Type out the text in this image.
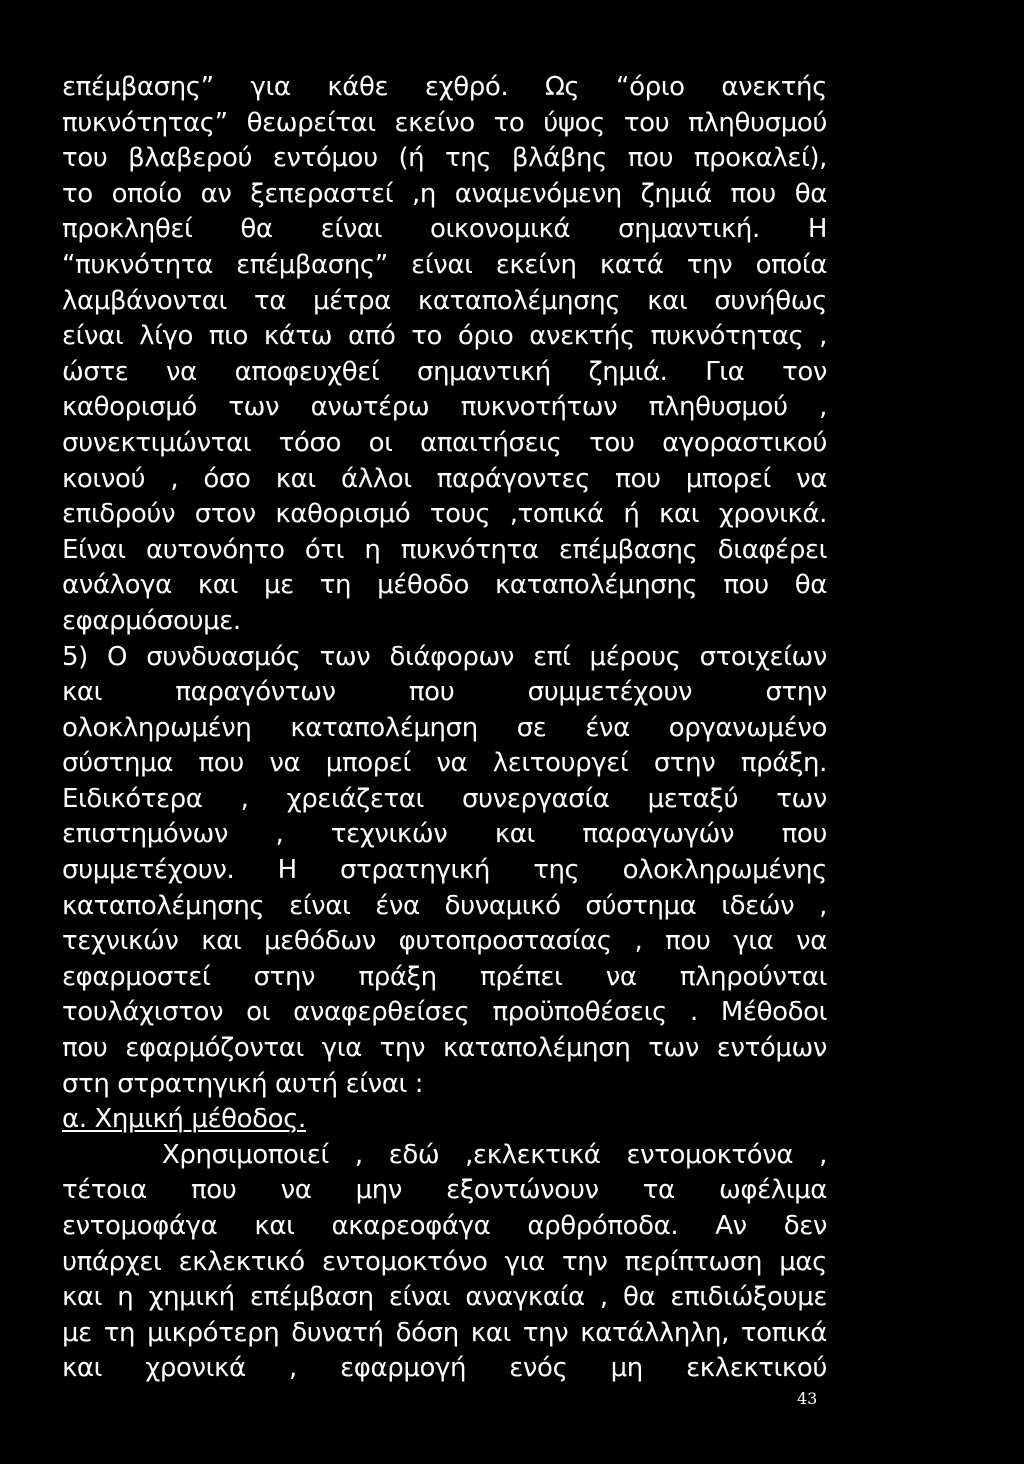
επέμβασης” για κάθε εχθρό. Ως “όριο ανεκτής
πυκνότητας” θεωρείται εκείνο το ύψος του πληθυσμού
του βλαβερού εντόμου (ή της βλάβης που προκαλεί),
το οποίο αν ξεπεραστεί ,η αναμενόμενη ζημιά που θα
προκληθεί θα είναι οικονομικά σημαντική. Η
“πυκνότητα επέμβασης” είναι εκείνη κατά την οποία
λαμβάνονται τα μέτρα καταπολέμησης και συνήθως
είναι λίγο πιο κάτω από το όριο ανεκτής πυκνότητας ,
ώστε να αποφευχθεί σημαντική ζημιά. Για τον
καθορισμό των ανωτέρω πυκνοτήτων πληθυσμού ,
συνεκτιμώνται τόσο οι απαιτήσεις του αγοραστικού
κοινού , όσο και άλλοι παράγοντες που μπορεί να
επιδρούν στον καθορισμό τους ,τοπικά ή και χρονικά.
Είναι αυτονόητο ότι η πυκνότητα επέμβασης διαφέρει
ανάλογα και με τη μέθοδο καταπολέμησης που θα
εφαρμόσουμε.
5) Ο συνδυασμός των διάφορων επί μέρους στοιχείων
και παραγόντων που συμμετέχουν στην
ολοκληρωμένη καταπολέμηση σε ένα οργανωμένο
σύστημα που να μπορεί να λειτουργεί στην πράξη.
Ειδικότερα , χρειάζεται συνεργασία μεταξύ των
επιστημόνων , τεχνικών και παραγωγών που
συμμετέχουν. Η στρατηγική της ολοκληρωμένης
καταπολέμησης είναι ένα δυναμικό σύστημα ιδεών ,
τεχνικών και μεθόδων φυτοπροστασίας , που για να
εφαρμοστεί στην πράξη πρέπει να πληρούνται
τουλάχιστον οι αναφερθείσες προϋποθέσεις . Μέθοδοι
που εφαρμόζονται για την καταπολέμηση των εντόμων
στη στρατηγική αυτή είναι :
α. Χημική μέθοδος.
Χρησιμοποιεί , εδώ ,εκλεκτικά εντομοκτόνα ,
τέτοια που να μην εξοντώνουν τα ωφέλιμα
εντομοφάγα και ακαρεοφάγα αρθρόποδα. Αν δεν
υπάρχει εκλεκτικό εντομοκτόνο για την περίπτωση μας
και η χημική επέμβαση είναι αναγκαία , θα επιδιώξουμε
με τη μικρότερη δυνατή δόση και την κατάλληλη, τοπικά
και χρονικά , εφαρμογή ενός μη εκλεκτικού
43
